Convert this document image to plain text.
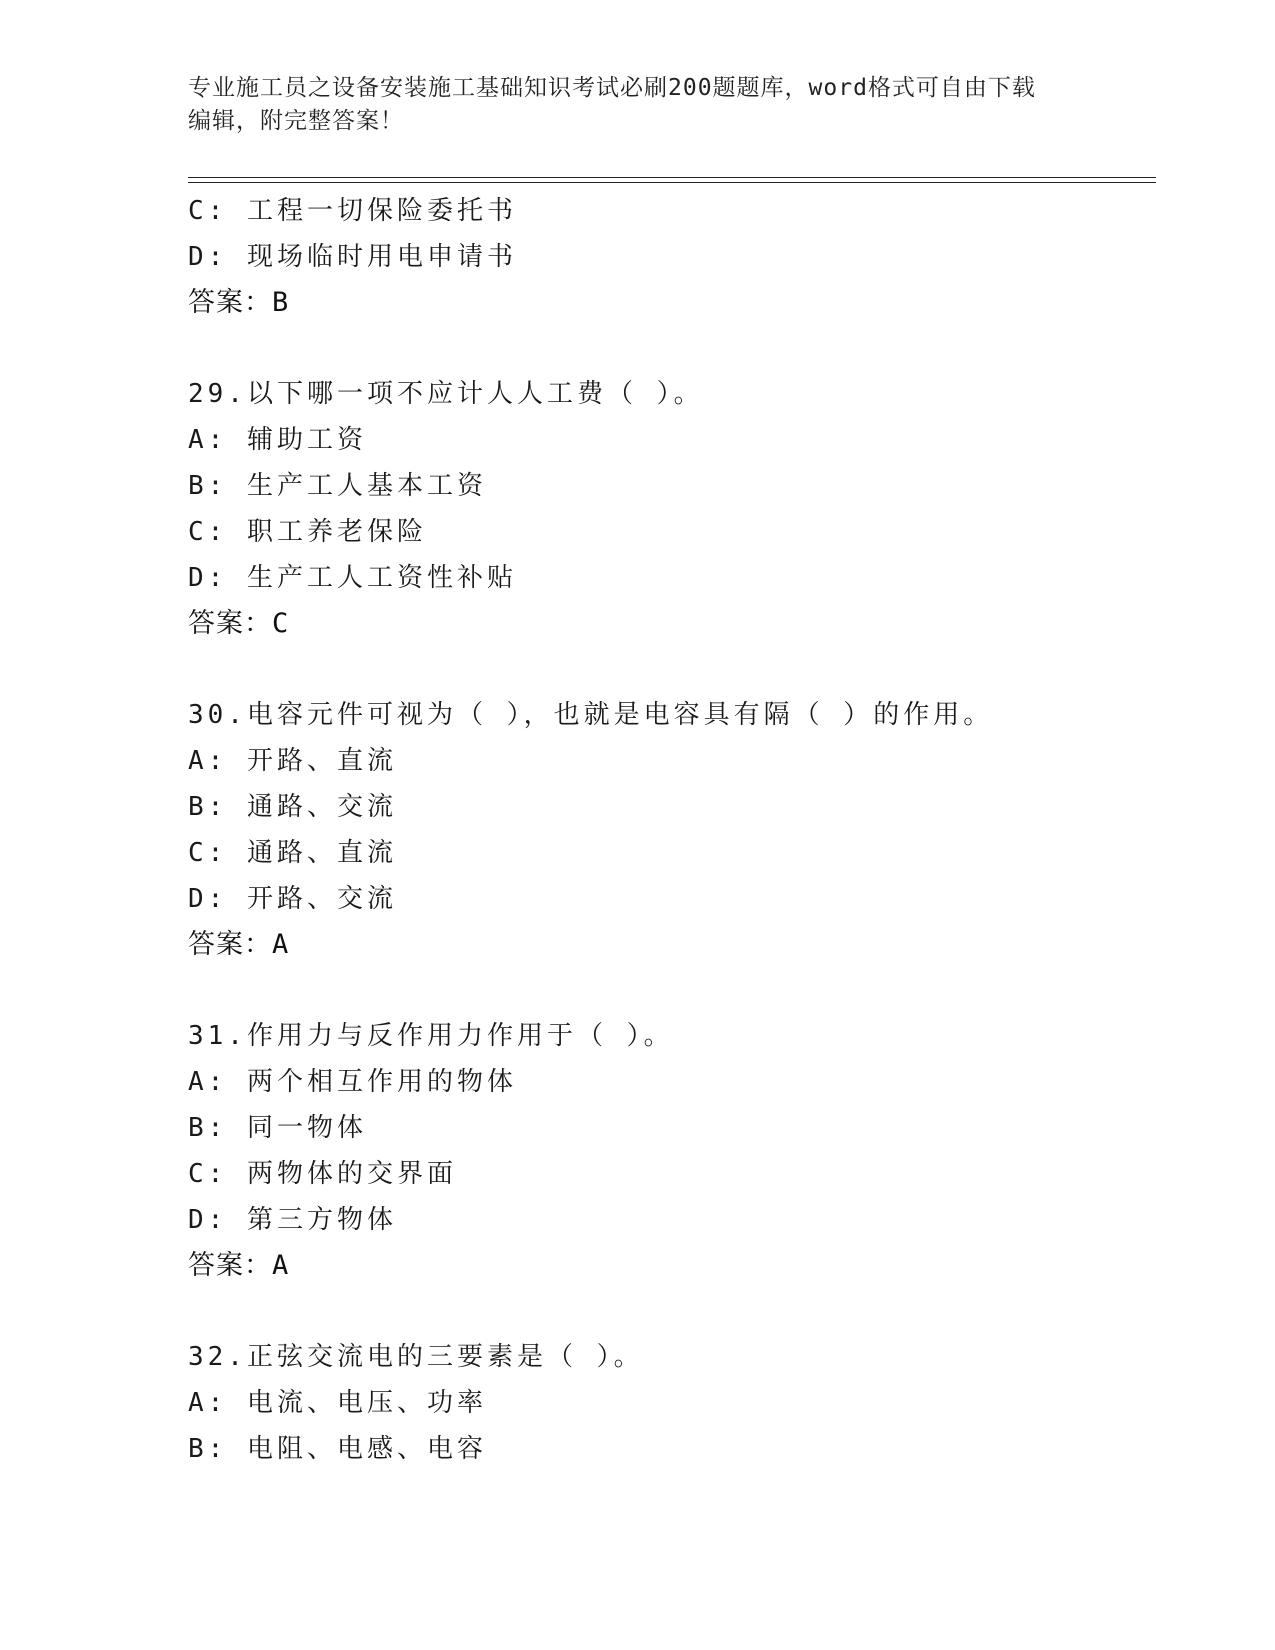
专业施工员之设备安装施工基础知识考试必刷200题题库，word格式可自由下载
编辑，附完整答案！
C: 工程一切保险委托书
D: 现场临时用电申请书
答案：B
29.以下哪一项不应计人人工费（ ）。
A: 辅助工资
B: 生产工人基本工资
C: 职工养老保险
D: 生产工人工资性补贴
答案：C
30.电容元件可视为（ ），也就是电容具有隔（ ）的作用。
A: 开路、直流
B: 通路、交流
C: 通路、直流
D: 开路、交流
答案：A
31.作用力与反作用力作用于（ ）。
A: 两个相互作用的物体
B: 同一物体
C: 两物体的交界面
D: 第三方物体
答案：A
32.正弦交流电的三要素是（ ）。
A: 电流、电压、功率
B: 电阻、电感、电容
